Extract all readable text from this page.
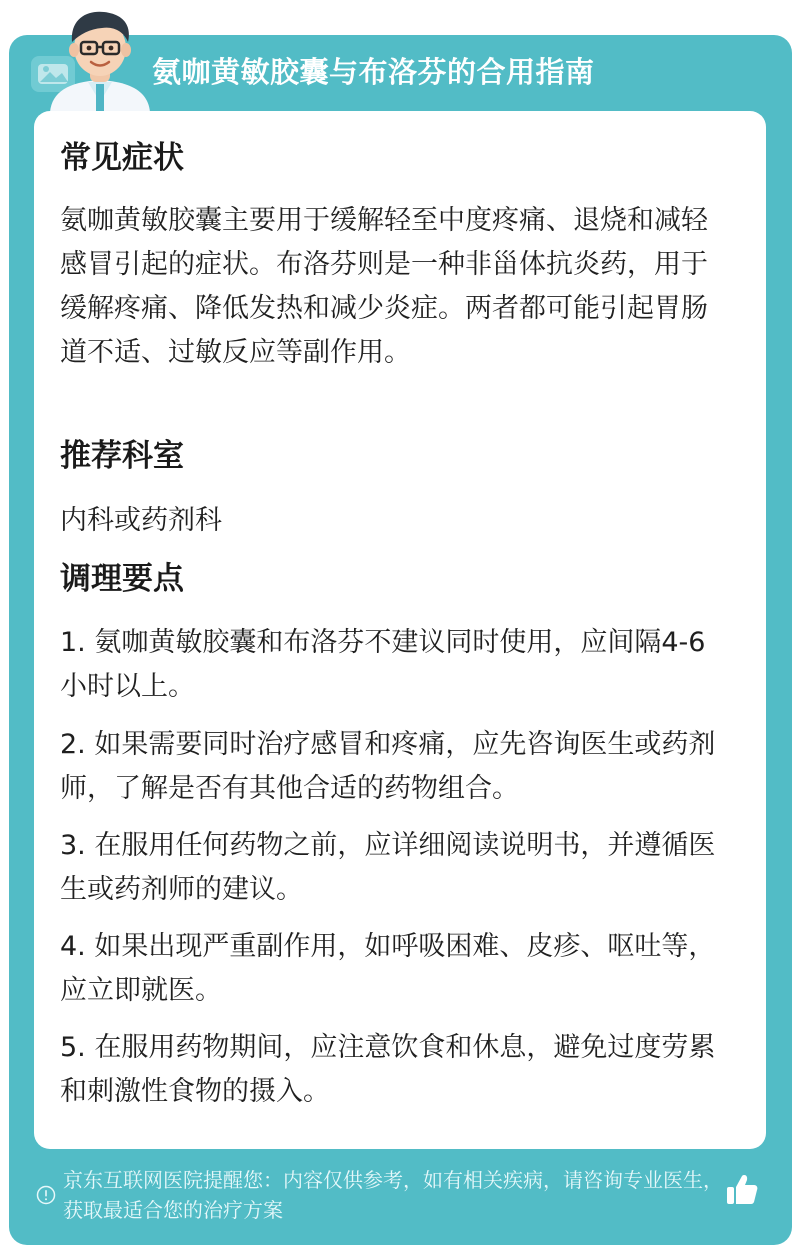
氨咖黄敏胶囊与布洛芬的合用指南
常见症状
氨咖黄敏胶囊主要用于缓解轻至中度疼痛、退烧和减轻感冒引起的症状。布洛芬则是一种非甾体抗炎药，用于缓解疼痛、降低发热和减少炎症。两者都可能引起胃肠道不适、过敏反应等副作用。
推荐科室
内科或药剂科
调理要点
1. 氨咖黄敏胶囊和布洛芬不建议同时使用，应间隔4-6小时以上。
2. 如果需要同时治疗感冒和疼痛，应先咨询医生或药剂师，了解是否有其他合适的药物组合。
3. 在服用任何药物之前，应详细阅读说明书，并遵循医生或药剂师的建议。
4. 如果出现严重副作用，如呼吸困难、皮疹、呕吐等，应立即就医。
5. 在服用药物期间，应注意饮食和休息，避免过度劳累和刺激性食物的摄入。
京东互联网医院提醒您：内容仅供参考，如有相关疾病，请咨询专业医生，获取最适合您的治疗方案
